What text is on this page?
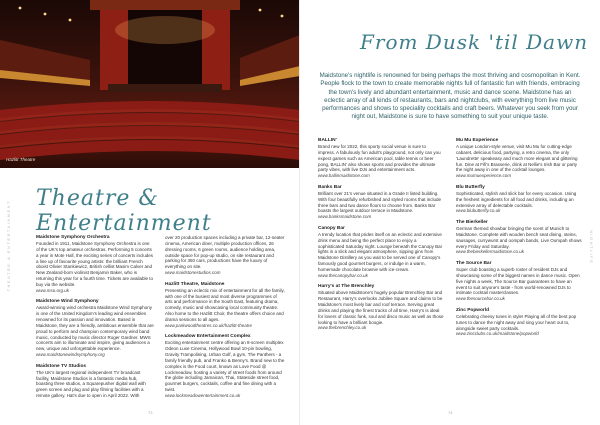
Hazlitt Theatre
THEATRE & ENTERTAINMENT
Theatre & Entertainment
Maidstone Symphony Orchestra
Founded in 1911, Maidstone Symphony Orchestra is one of the UK's top amateur orchestras. Performing 5 concerts a year in Mote Hall, the exciting series of concerts includes a line up of favourite young artists: the brilliant French oboist Olivier Stankiewicz, British cellist Maxim Calver and New Zealand-born violinist Benjamin Baker, who is returning this year for a fourth time. Tickets are available to buy via the website.
www.mso.org.uk
Maidstone Wind Symphony
Award-winning wind orchestra Maidstone Wind Symphony is one of the United Kingdom's leading wind ensembles renowned for its passion and innovation. Based in Maidstone, they are a friendly, ambitious ensemble that are proud to perform and champion contemporary wind band music, conducted by music director Roger Gardner. MWS concerts aim to illuminate and inspire, giving audiences a new, unique and unforgettable experience.
www.maidstonewindsymphony.org
Maidstone TV Studios
The UK's largest regional independent TV broadcast facility, Maidstone Studios is a fantastic media hub, boasting three studios, a Squarepusher digital wall with green screen and plug and play filming facilities with a remote gallery. Hat's due to open in April 2022. With
over 20 production spaces including a private bar, 12-seater cinema, American diner, multiple production offices, 26 dressing rooms, 6 green rooms, audience holding area, outside space for pop-up studio, on site restaurant and parking for 350 cars, productions have the luxury of everything on site.
www.maidstonestudios.com
Hazlitt Theatre, Maidstone
Presenting an eclectic mix of entertainment for all the family, with one of the busiest and most diverse programmes of arts and performance in the South East, featuring drama, comedy, music and showcasing local community theatre. Also home to the Hazlitt Choir, the theatre offers choice and drama sessions to all ages.
www.parkwoodtheatres.co.uk/hazlitt-theatre
Lockmeadow Entertainment Complex
Exciting entertainment centre offering an 8-screen multiplex Odeon Luxe Cinema, Hollywood Bowl 10-pin bowling, Gravity Trampolining, Urban Golf, a gym, The Panthers - a family friendly pub, and Franko & Benny's. Brand new to the complex is the Food court, known as Love Food @ Lockmeadow, hosting a variety of street foods from around the globe including Jamaican, Thai, Stateside street food, gourmet burgers, cocktails, coffee and fine dining with a twist.
www.lockmeadowentertainment.co.uk
73
From Dusk 'til Dawn

Maidstone's nightlife is renowned for being perhaps the most thriving and cosmopolitan in Kent. People flock to the town to create memorable nights full of fantastic fun with friends, embracing the town's lively and abundant entertainment, music and dance scene. Maidstone has an eclectic array of all kinds of restaurants, bars and nightclubs, with everything from live music performances and shows to speciality cocktails and craft beers. Whatever you seek from your night out, Maidstone is sure to have something to suit your unique taste.

NIGHTLIFE
BALLIN'
Brand new for 2022, this sporty social venue is sure to impress. A fabulously fun adult's playground, not only can you expect games such as American pool, table tennis or beer pong, BALLIN' also shows sports and provides the ultimate party vibes, with live DJs and entertainment acts.
www.ballinmaidstone.com
Banks Bar
Brilliant over 21's venue situated in a Grade II listed building. With four beautifully refurbished and styled rooms that include three bars and two dance floors to choose from. Banks Bar boasts the largest outdoor terrace in Maidstone.
www.banksmaidstone.com
Canopy Bar
A trendy location that prides itself on an eclectic and extensive drink menu and being the perfect place to enjoy a sophisticated Saturday night. Lounge beneath the Canopy Bar lights in a slick and elegant atmosphere, sipping gins from Maidstone Distillery as you wait to be served one of Canopy's famously good gourmet burgers, or indulge in a warm, homemade chocolate brownie with ice-cream.
www.thecanopybar.co.uk
Harry's at The Brenchley
Situated above Maidstone's hugely popular Brenchley Bar and Restaurant, Harry's overlooks Jubilee Square and claims to be Maidstone's most lively bar and roof terrace. Serving great drinks and playing the finest tracks of all time, Harry's is ideal for lovers of classic funk, soul and disco music as well as those looking to have a brilliant boogie.
www.thebrenchley.co.uk
Mu Mu Experience
A unique London-style venue, visit Mu Mu for cutting-edge cabaret, delicious food, partying, a retro cinema, the only 'Laundrette' speakeasy and much more elegant and glittering fun. Dine at Fifi's Brasserie, drink at Nellie's Irish Bar or party the night away in one of the cocktail lounges.
www.mumuexperience.com
Blu Butterfly
Sophisticated, stylish and slick bar for every occasion. Using the freshest ingredients for all food and drinks, including an extensive array of delectable cocktails.
www.blubutterfly.co.uk
The Bierkeller
German themed showbar bringing the scent of Munich to Maidstone. Complete with wooden bench seat dining, steins, sausages, currywurst and oompah bands, Live Oompah shows every Friday and Saturday.
www.thebierkellermaidstone.co.uk
The Source Bar
Super club boasting a superb roster of resident DJs and showcasing some of the biggest names in dance music. Open five nights a week, The Source Bar guarantees to have an event to suit anyone's taste - from world-renowned DJs to intimate cocktail masterclasses.
www.thesourcebar.co.uk
Zinc Popworld
Celebrating cheesy tunes in style! Playing all of the best pop tunes to dance the night away and sing your heart out to, alongside sweet party cocktails.
www.zincclubs.co.uk/maidstone/popworld
74
